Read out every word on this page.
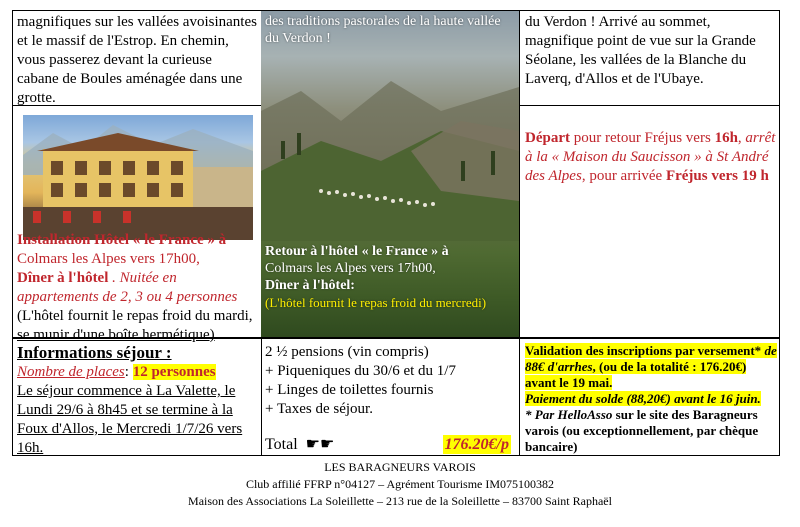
magnifiques sur les vallées avoisinantes et le massif de l'Estrop. En chemin, vous passerez devant la curieuse cabane de Boules aménagée dans une grotte.
du Verdon ! Arrivé au sommet, magnifique point de vue sur la Grande Séolane, les vallées de la Blanche du Laverq, d'Allos et de l'Ubaye.
Installation Hôtel « le France » à
Colmars les Alpes vers 17h00,
Dîner à l'hôtel . Nuitée en appartements de 2, 3 ou 4 personnes
(L'hôtel fournit le repas froid du mardi, se munir d'une boîte hermétique)
Départ pour retour Fréjus vers 16h, arrêt à la « Maison du Saucisson » à St André des Alpes, pour arrivée Fréjus vers 19 h
des traditions pastorales de la haute vallée du Verdon !
Retour à l'hôtel « le France » à
Colmars les Alpes vers 17h00,
Dîner à l'hôtel:
(L'hôtel fournit le repas froid du mercredi)
Informations séjour :
Nombre de places: 12 personnes
Le séjour commence à La Valette, le Lundi 29/6 à 8h45 et se termine à la Foux d'Allos, le Mercredi 1/7/26 vers 16h.
2 ½ pensions (vin compris)
+ Piqueniques du 30/6 et du 1/7
+ Linges de toilettes fournis
+ Taxes de séjour.
Total ☛☛	176.20€/p
Validation des inscriptions par versement* de 88€ d'arrhes, (ou de la totalité : 176.20€) avant le 19 mai.
Paiement du solde (88,20€) avant le 16 juin.
* Par HelloAsso sur le site des Baragneurs varois (ou exceptionnellement, par chèque bancaire)
LES BARAGNEURS VAROIS
Club affilié FFRP n°04127 – Agrément Tourisme IM075100382
Maison des Associations La Soleillette – 213 rue de la Soleillette – 83700 Saint Raphaël
